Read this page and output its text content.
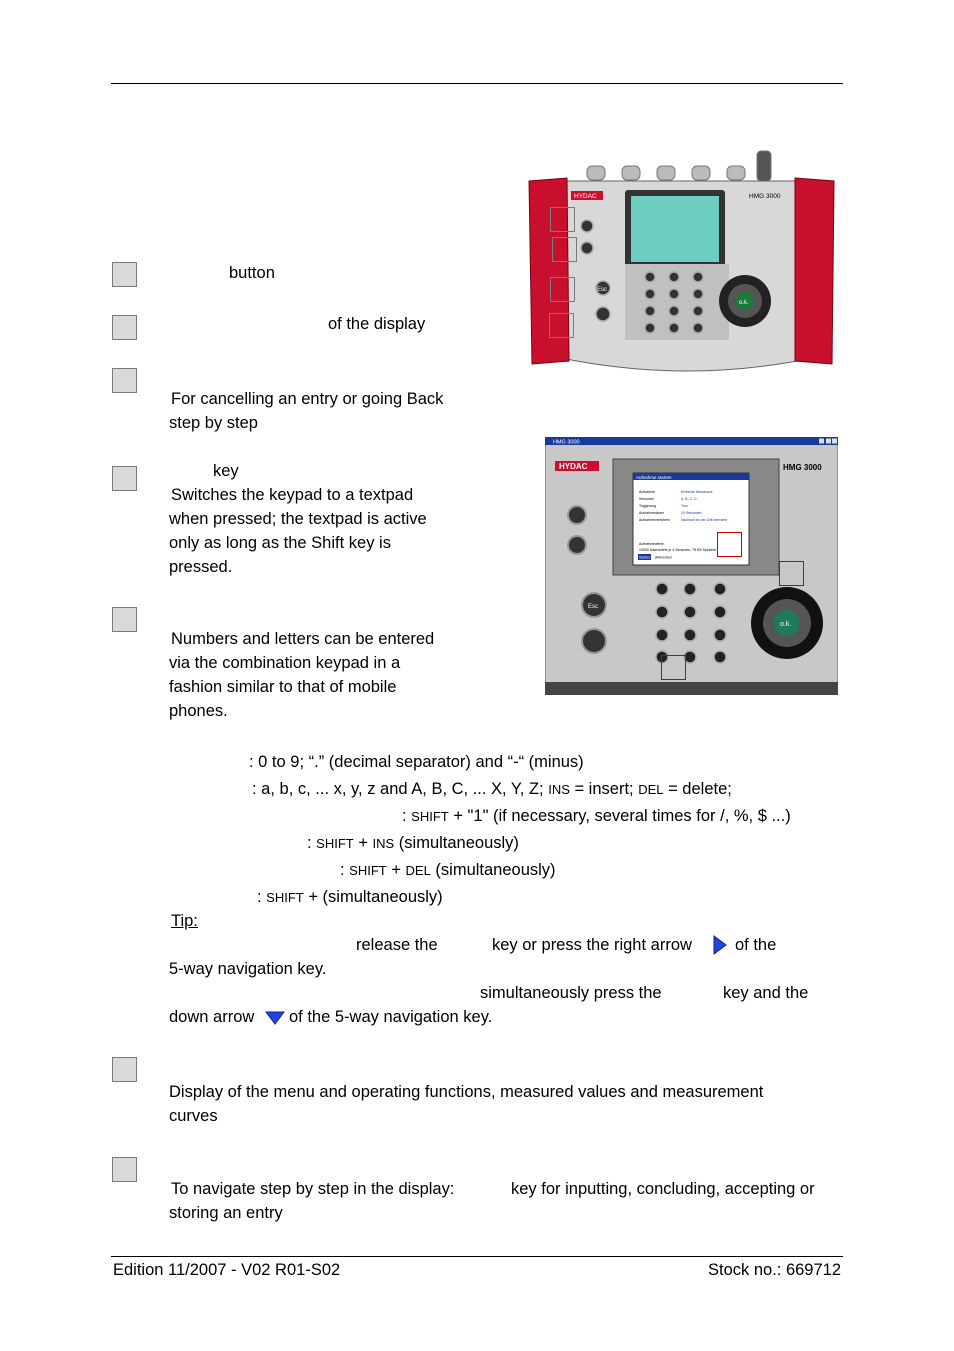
HYDAC	HMG 3000
Esc
o.k.
HMG 3000
HYDAC	HMG 3000
Aufnahme starten
Aufnahme	Einfache Messkurve
Sensoren	A, B, C, D
Triggerung	Tmo
Aufnahmedauer	10 Sekunden
Aufnahmeverfahren	Nachlauf an der Zeit beenden
Aufnahmewerte:
10000 Datenwerte je 4 Sensoren, 75 KB Speicher
Starten Abbrechen
Esc
o.k.
button
of the display
For cancelling an entry or going Back
step by step
key
Switches the keypad to a textpad
when pressed; the textpad is active
only as long as the Shift key is
pressed.
Numbers and letters can be entered
via the combination keypad in a
fashion similar to that of mobile
phones.
: 0 to 9; “.” (decimal separator) and “-“ (minus)
: a, b, c, ... x, y, z and A, B, C, ... X, Y, Z; INS = insert; DEL = delete;
: SHIFT + "1" (if necessary, several times for /, %, $ ...)
: SHIFT + INS (simultaneously)
: SHIFT + DEL (simultaneously)
: SHIFT + (simultaneously)
Tip:
release the	key or press the right arrow	of the
5-way navigation key.
simultaneously press the	key and the
down arrow of the 5-way navigation key.
Display of the menu and operating functions, measured values and measurement
curves
To navigate step by step in the display:	key for inputting, concluding, accepting or
storing an entry
Edition 11/2007 - V02 R01-S02	Stock no.: 669712
